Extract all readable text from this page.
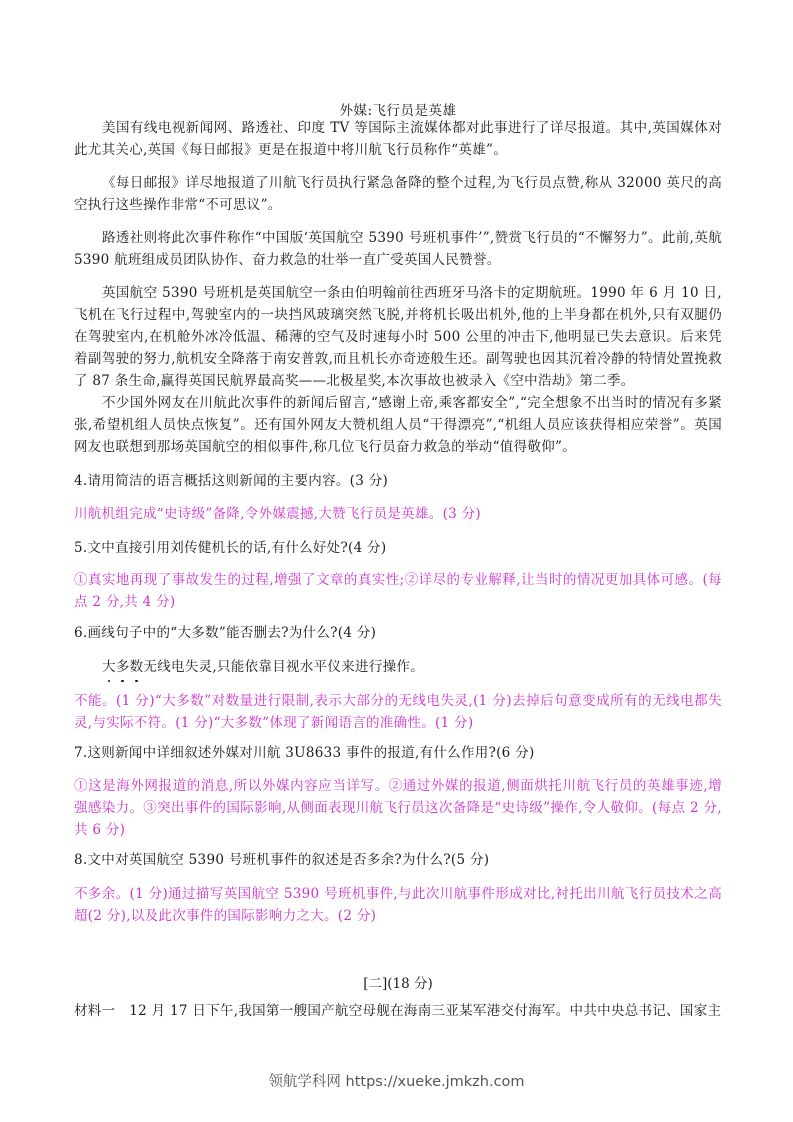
外媒:飞行员是英雄

美国有线电视新闻网、路透社、印度 TV 等国际主流媒体都对此事进行了详尽报道。其中,英国媒体对此尤其关心,英国《每日邮报》更是在报道中将川航飞行员称作“英雄”。

《每日邮报》详尽地报道了川航飞行员执行紧急备降的整个过程,为飞行员点赞,称从 32000 英尺的高空执行这些操作非常“不可思议”。

路透社则将此次事件称作“中国版‘英国航空 5390 号班机事件’”,赞赏飞行员的“不懈努力”。此前,英航 5390 航班组成员团队协作、奋力救急的壮举一直广受英国人民赞誉。

英国航空 5390 号班机是英国航空一条由伯明翰前往西班牙马洛卡的定期航班。1990 年 6 月 10 日,飞机在飞行过程中,驾驶室内的一块挡风玻璃突然飞脱,并将机长吸出机外,他的上半身都在机外,只有双腿仍在驾驶室内,在机舱外冰冷低温、稀薄的空气及时速每小时 500 公里的冲击下,他明显已失去意识。后来凭着副驾驶的努力,航机安全降落于南安普敦,而且机长亦奇迹般生还。副驾驶也因其沉着冷静的特情处置挽救了 87 条生命,赢得英国民航界最高奖——北极星奖,本次事故也被录入《空中浩劫》第二季。

不少国外网友在川航此次事件的新闻后留言,“感谢上帝,乘客都安全”,“完全想象不出当时的情况有多紧张,希望机组人员快点恢复”。还有国外网友大赞机组人员“干得漂亮”,“机组人员应该获得相应荣誉”。英国网友也联想到那场英国航空的相似事件,称几位飞行员奋力救急的举动“值得敬仰”。

4.请用简洁的语言概括这则新闻的主要内容。(3 分)

川航机组完成“史诗级”备降,令外媒震撼,大赞飞行员是英雄。(3 分)

5.文中直接引用刘传健机长的话,有什么好处?(4 分)

①真实地再现了事故发生的过程,增强了文章的真实性;②详尽的专业解释,让当时的情况更加具体可感。(每点 2 分,共 4 分)

6.画线句子中的“大多数”能否删去?为什么?(4 分)

大多数无线电失灵,只能依靠目视水平仪来进行操作。

不能。(1 分)“大多数”对数量进行限制,表示大部分的无线电失灵,(1 分)去掉后句意变成所有的无线电都失灵,与实际不符。(1 分)“大多数”体现了新闻语言的准确性。(1 分)

7.这则新闻中详细叙述外媒对川航 3U8633 事件的报道,有什么作用?(6 分)

①这是海外网报道的消息,所以外媒内容应当详写。②通过外媒的报道,侧面烘托川航飞行员的英雄事迹,增强感染力。③突出事件的国际影响,从侧面表现川航飞行员这次备降是“史诗级”操作,令人敬仰。(每点 2 分,共 6 分)

8.文中对英国航空 5390 号班机事件的叙述是否多余?为什么?(5 分)

不多余。(1 分)通过描写英国航空 5390 号班机事件,与此次川航事件形成对比,衬托出川航飞行员技术之高超(2 分),以及此次事件的国际影响力之大。(2 分)

[二](18 分)

材料一　12 月 17 日下午,我国第一艘国产航空母舰在海南三亚某军港交付海军。中共中央总书记、国家主

领航学科网 https://xueke.jmkzh.com
